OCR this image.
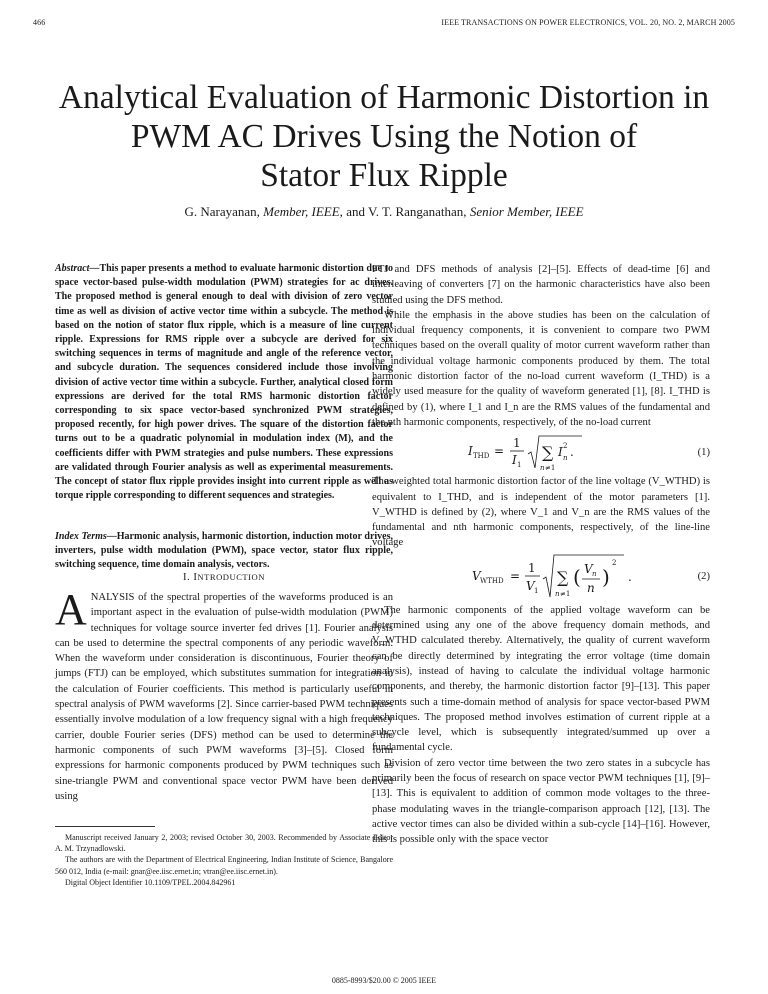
466	IEEE TRANSACTIONS ON POWER ELECTRONICS, VOL. 20, NO. 2, MARCH 2005
Analytical Evaluation of Harmonic Distortion in
PWM AC Drives Using the Notion of
Stator Flux Ripple
G. Narayanan, Member, IEEE, and V. T. Ranganathan, Senior Member, IEEE
Abstract—This paper presents a method to evaluate harmonic distortion due to space vector-based pulse-width modulation (PWM) strategies for ac drives. The proposed method is general enough to deal with division of zero vector time as well as division of active vector time within a subcycle. The method is based on the notion of stator flux ripple, which is a measure of line current ripple. Expressions for RMS ripple over a subcycle are derived for six switching sequences in terms of magnitude and angle of the reference vector, and subcycle duration. The sequences considered include those involving division of active vector time within a subcycle. Further, analytical closed form expressions are derived for the total RMS harmonic distortion factor corresponding to six space vector-based synchronized PWM strategies, proposed recently, for high power drives. The square of the distortion factor turns out to be a quadratic polynomial in modulation index (M), and the coefficients differ with PWM strategies and pulse numbers. These expressions are validated through Fourier analysis as well as experimental measurements. The concept of stator flux ripple provides insight into current ripple as well as torque ripple corresponding to different sequences and strategies.
Index Terms—Harmonic analysis, harmonic distortion, induction motor drives, inverters, pulse width modulation (PWM), space vector, stator flux ripple, switching sequence, time domain analysis, vectors.
I. INTRODUCTION
A NALYSIS of the spectral properties of the waveforms produced is an important aspect in the evaluation of pulse-width modulation (PWM) techniques for voltage source inverter fed drives [1]. Fourier analysis can be used to determine the spectral components of any periodic waveform. When the waveform under consideration is discontinuous, Fourier theory of jumps (FTJ) can be employed, which substitutes summation for integration in the calculation of Fourier coefficients. This method is particularly useful in spectral analysis of PWM waveforms [2]. Since carrier-based PWM techniques essentially involve modulation of a low frequency signal with a high frequency carrier, double Fourier series (DFS) method can be used to determine the harmonic components of such PWM waveforms [3]–[5]. Closed form expressions for harmonic components produced by PWM techniques such as sine-triangle PWM and conventional space vector PWM have been derived using

Manuscript received January 2, 2003; revised October 30, 2003. Recommended by Associate Editor A. M. Trzynadlowski.

The authors are with the Department of Electrical Engineering, Indian Institute of Science, Bangalore 560 012, India (e-mail: gnar@ee.iisc.ernet.in; vtran@ee.iisc.ernet.in).

Digital Object Identifier 10.1109/TPEL.2004.842961

FTJ and DFS methods of analysis [2]–[5]. Effects of dead-time [6] and interleaving of converters [7] on the harmonic characteristics have also been studied using the DFS method.

While the emphasis in the above studies has been on the calculation of individual frequency components, it is convenient to compare two PWM techniques based on the overall quality of motor current waveform rather than the individual voltage harmonic components produced by them. The total harmonic distortion factor of the no-load current waveform (I_THD) is a widely used measure for the quality of waveform generated [1], [8]. I_THD is defined by (1), where I_1 and I_n are the RMS values of the fundamental and the nth harmonic components, respectively, of the no-load current

I THD =
1
I 1
∑
n ≠1
I 2
n .	(1)

The weighted total harmonic distortion factor of the line voltage (V_WTHD) is equivalent to I_THD, and is independent of the motor parameters [1]. V_WTHD is defined by (2), where V_1 and V_n are the RMS values of the fundamental and nth harmonic components, respectively, of the line-line voltage

V WTHD =
1
V 1
∑
n ≠1
( V n
n )
2
.	(2)

The harmonic components of the applied voltage waveform can be determined using any one of the above frequency domain methods, and V_WTHD calculated thereby. Alternatively, the quality of current waveform can be directly determined by integrating the error voltage (time domain analysis), instead of having to calculate the individual voltage harmonic components, and thereby, the harmonic distortion factor [9]–[13]. This paper presents such a time-domain method of analysis for space vector-based PWM techniques. The proposed method involves estimation of current ripple at a subcycle level, which is subsequently integrated/summed up over a fundamental cycle.

Division of zero vector time between the two zero states in a subcycle has primarily been the focus of research on space vector PWM techniques [1], [9]–[13]. This is equivalent to addition of common mode voltages to the three-phase modulating waves in the triangle-comparison approach [12], [13]. The active vector times can also be divided within a sub-cycle [14]–[16]. However, this is possible only with the space vector

0885-8993/$20.00 © 2005 IEEE
